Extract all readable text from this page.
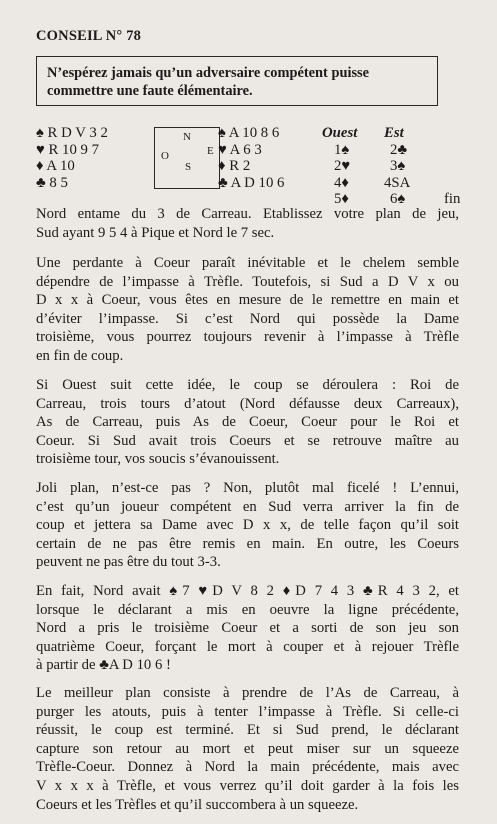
CONSEIL N° 78
N’espérez jamais qu’un adversaire compétent puisse
commettre une faute élémentaire.
♠ R D V 3 2
♥ R 10 9 7
♦ A 10
♣ 8 5
N
O	E
S
♠ A 10 8 6
♥ A 6 3
♦ R 2
♣ A D 10 6
Ouest Est
1♠	2♣
2♥	3♠
4♦ 4SA
5♦	6♠	fin
Nord entame du 3 de Carreau. Etablissez votre plan de jeu,
Sud ayant 9 5 4 à Pique et Nord le 7 sec.
Une perdante à Coeur paraît inévitable et le chelem semble
dépendre de l’impasse à Trèfle. Toutefois, si Sud a D V x ou
D x x à Coeur, vous êtes en mesure de le remettre en main et
d’éviter l’impasse. Si c’est Nord qui possède la Dame
troisième, vous pourrez toujours revenir à l’impasse à Trèfle
en fin de coup.
Si Ouest suit cette idée, le coup se déroulera : Roi de
Carreau, trois tours d’atout (Nord défausse deux Carreaux),
As de Carreau, puis As de Coeur, Coeur pour le Roi et
Coeur. Si Sud avait trois Coeurs et se retrouve maître au
troisième tour, vos soucis s’évanouissent.
Joli plan, n’est-ce pas ? Non, plutôt mal ficelé ! L’ennui,
c’est qu’un joueur compétent en Sud verra arriver la fin de
coup et jettera sa Dame avec D x x, de telle façon qu’il soit
certain de ne pas être remis en main. En outre, les Coeurs
peuvent ne pas être du tout 3-3.
En fait, Nord avait ♠7 ♥D V 8 2 ♦D 7 4 3 ♣R 4 3 2, et
lorsque le déclarant a mis en oeuvre la ligne précédente,
Nord a pris le troisième Coeur et a sorti de son jeu son
quatrième Coeur, forçant le mort à couper et à rejouer Trèfle
à partir de ♣A D 10 6 !
Le meilleur plan consiste à prendre de l’As de Carreau, à
purger les atouts, puis à tenter l’impasse à Trèfle. Si celle-ci
réussit, le coup est terminé. Et si Sud prend, le déclarant
capture son retour au mort et peut miser sur un squeeze
Trèfle-Coeur. Donnez à Nord la main précédente, mais avec
V x x x à Trèfle, et vous verrez qu’il doit garder à la fois les
Coeurs et les Trèfles et qu’il succombera à un squeeze.
